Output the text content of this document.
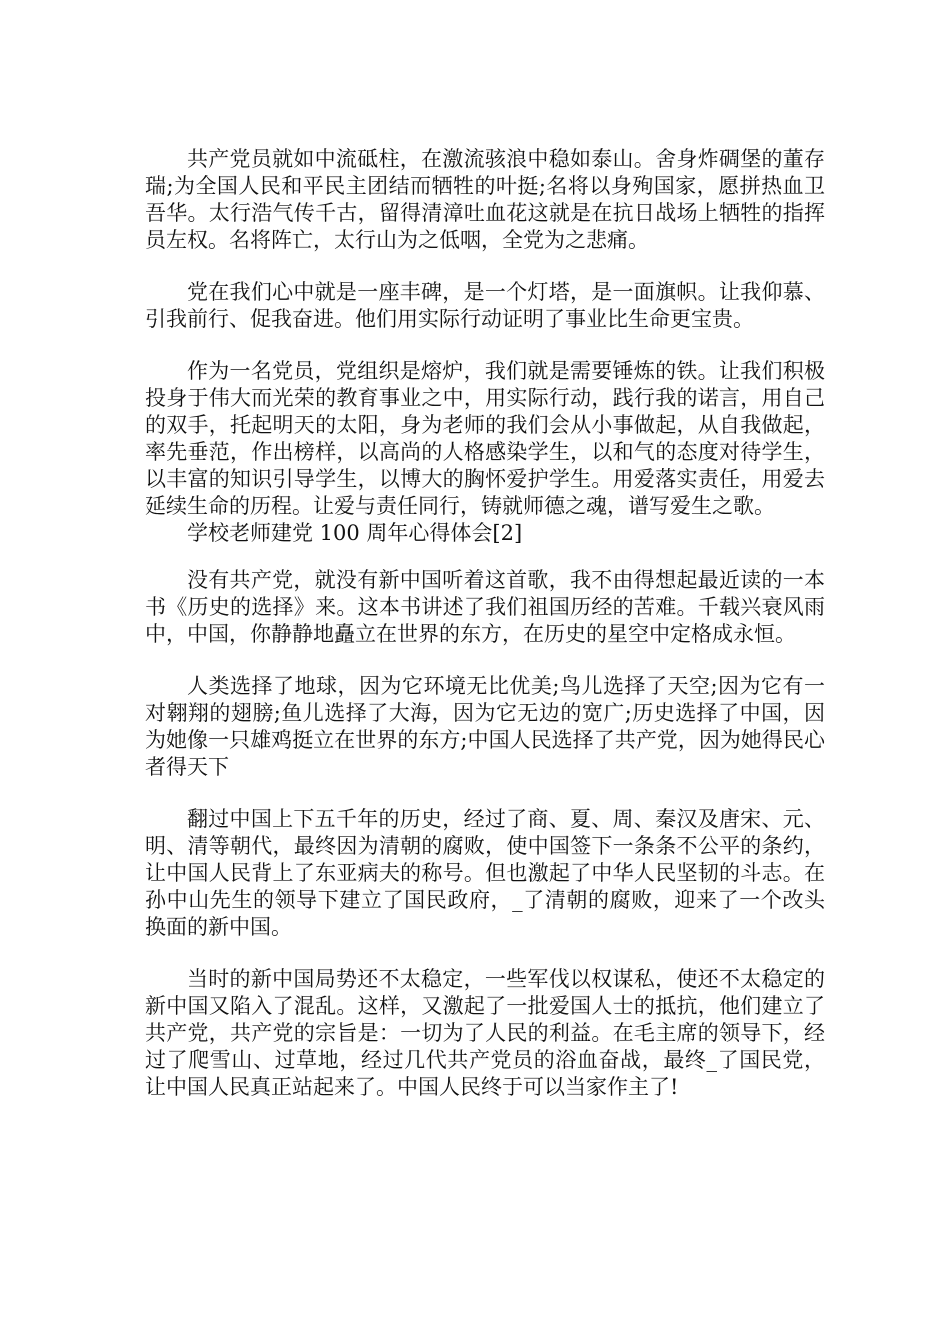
共产党员就如中流砥柱，在激流骇浪中稳如泰山。舍身炸碉堡的董存瑞;为全国人民和平民主团结而牺牲的叶挺;名将以身殉国家，愿拼热血卫吾华。太行浩气传千古，留得清漳吐血花这就是在抗日战场上牺牲的指挥员左权。名将阵亡，太行山为之低咽，全党为之悲痛。

党在我们心中就是一座丰碑，是一个灯塔，是一面旗帜。让我仰慕、引我前行、促我奋进。他们用实际行动证明了事业比生命更宝贵。

作为一名党员，党组织是熔炉，我们就是需要锤炼的铁。让我们积极投身于伟大而光荣的教育事业之中，用实际行动，践行我的诺言，用自己的双手，托起明天的太阳，身为老师的我们会从小事做起，从自我做起，率先垂范，作出榜样，以高尚的人格感染学生，以和气的态度对待学生，以丰富的知识引导学生，以博大的胸怀爱护学生。用爱落实责任，用爱去延续生命的历程。让爱与责任同行，铸就师德之魂，谱写爱生之歌。

学校老师建党 100 周年心得体会[2]

没有共产党，就没有新中国听着这首歌，我不由得想起最近读的一本书《历史的选择》来。这本书讲述了我们祖国历经的苦难。千载兴衰风雨中，中国，你静静地矗立在世界的东方，在历史的星空中定格成永恒。

人类选择了地球，因为它环境无比优美;鸟儿选择了天空;因为它有一对翱翔的翅膀;鱼儿选择了大海，因为它无边的宽广;历史选择了中国，因为她像一只雄鸡挺立在世界的东方;中国人民选择了共产党，因为她得民心者得天下

翻过中国上下五千年的历史，经过了商、夏、周、秦汉及唐宋、元、明、清等朝代，最终因为清朝的腐败，使中国签下一条条不公平的条约，让中国人民背上了东亚病夫的称号。但也激起了中华人民坚韧的斗志。在孙中山先生的领导下建立了国民政府，_了清朝的腐败，迎来了一个改头换面的新中国。

当时的新中国局势还不太稳定，一些军伐以权谋私，使还不太稳定的新中国又陷入了混乱。这样，又激起了一批爱国人士的抵抗，他们建立了共产党，共产党的宗旨是：一切为了人民的利益。在毛主席的领导下，经过了爬雪山、过草地，经过几代共产党员的浴血奋战，最终_了国民党，让中国人民真正站起来了。中国人民终于可以当家作主了!
